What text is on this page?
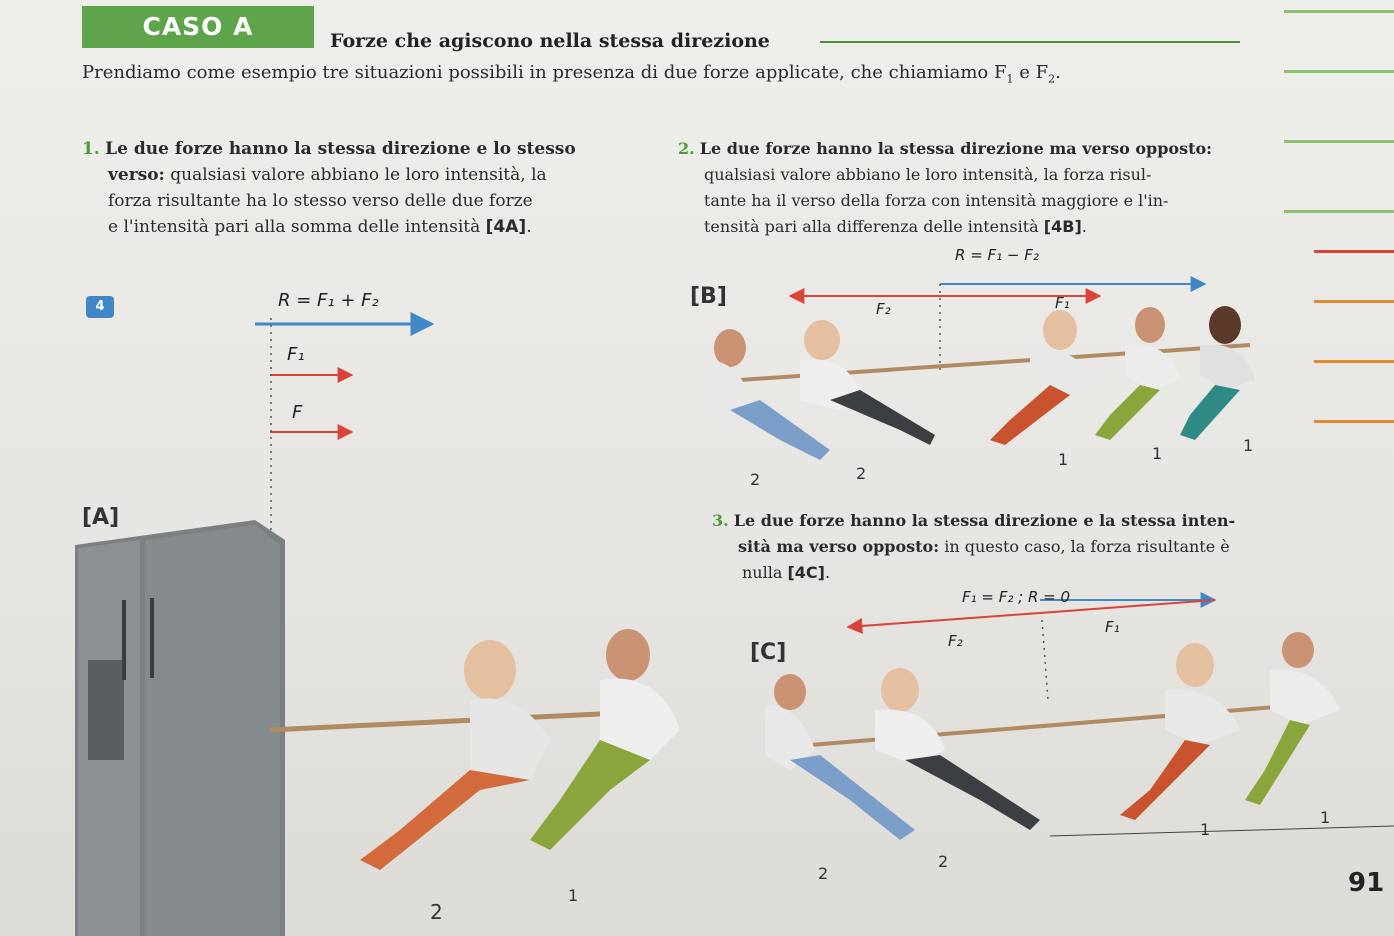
CASO A	Forze che agiscono nella stessa direzione
Prendiamo come esempio tre situazioni possibili in presenza di due forze applicate, che chiamiamo $F_1$ e $F_2$.
1. Le due forze hanno la stessa direzione e lo stesso
verso: qualsiasi valore abbiano le loro intensità, la
forza risultante ha lo stesso verso delle due forze
e l'intensità pari alla somma delle intensità [4A].
2. Le due forze hanno la stessa direzione ma verso opposto:
qualsiasi valore abbiano le loro intensità, la forza risul-
tante ha il verso della forza con intensità maggiore e l'in-
tensità pari alla differenza delle intensità [4B].
3. Le due forze hanno la stessa direzione e la stessa inten-
sità ma verso opposto: in questo caso, la forza risultante è
nulla [4C].
4	R = F₁ + F₂
F₁
F
[A]
2
1
[B]
R = F₁ − F₂
F₂	F₁
2	2
1	1	1
[C]
F₁ = F₂ ; R = 0
F₂
F₁
2
2
1
1
91
